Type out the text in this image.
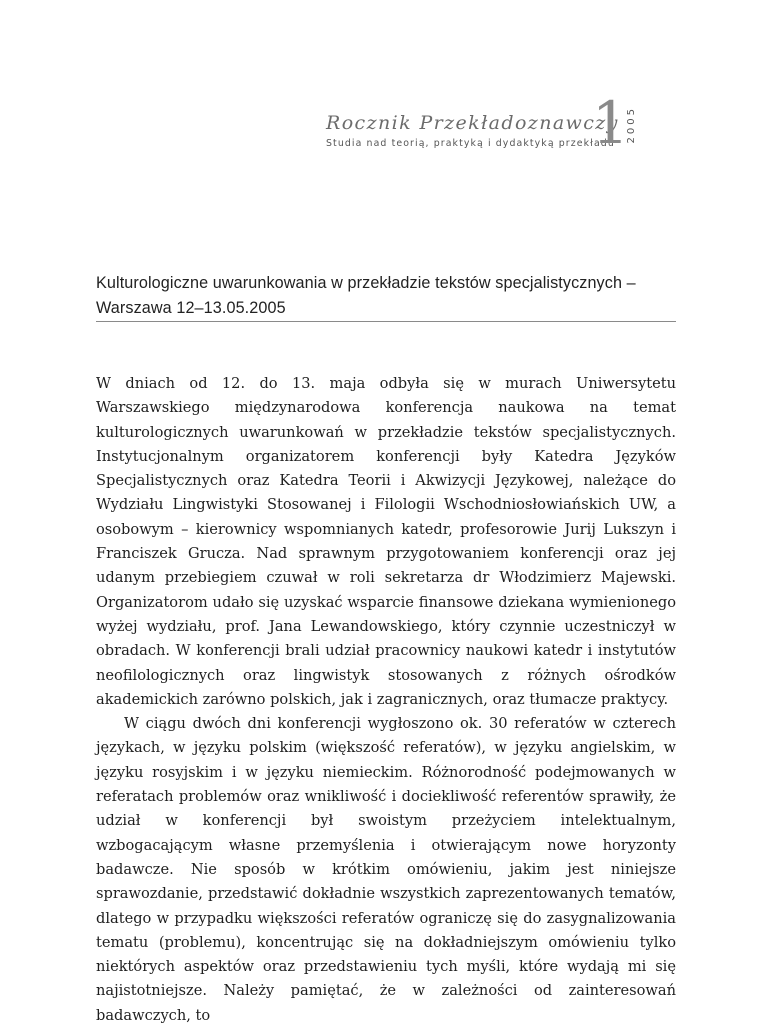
Rocznik Przekładoznawczy
Studia nad teorią, praktyką i dydaktyką przekładu
1
2005
Kulturologiczne uwarunkowania w przekładzie tekstów specjalistycznych – Warszawa 12–13.05.2005

W dniach od 12. do 13. maja odbyła się w murach Uniwersytetu Warszawskiego międzynarodowa konferencja naukowa na temat kulturologicznych uwarunkowań w przekładzie tekstów specjalistycznych. Instytucjonalnym organizatorem konferencji były Katedra Języków Specjalistycznych oraz Katedra Teorii i Akwizycji Językowej, należące do Wydziału Lingwistyki Stosowanej i Filologii Wschodniosłowiańskich UW, a osobowym – kierownicy wspomnianych katedr, profesorowie Jurij Lukszyn i Franciszek Grucza. Nad sprawnym przygotowaniem konferencji oraz jej udanym przebiegiem czuwał w roli sekretarza dr Włodzimierz Majewski. Organizatorom udało się uzyskać wsparcie finansowe dziekana wymienionego wyżej wydziału, prof. Jana Lewandowskiego, który czynnie uczestniczył w obradach. W konferencji brali udział pracownicy naukowi katedr i instytutów neofilologicznych oraz lingwistyk stosowanych z różnych ośrodków akademickich zarówno polskich, jak i zagranicznych, oraz tłumacze praktycy.

W ciągu dwóch dni konferencji wygłoszono ok. 30 referatów w czterech językach, w języku polskim (większość referatów), w języku angielskim, w języku rosyjskim i w języku niemieckim. Różnorodność podejmowanych w referatach problemów oraz wnikliwość i dociekliwość referentów sprawiły, że udział w konferencji był swoistym przeżyciem intelektualnym, wzbogacającym własne przemyślenia i otwierającym nowe horyzonty badawcze. Nie sposób w krótkim omówieniu, jakim jest niniejsze sprawozdanie, przedstawić dokładnie wszystkich zaprezentowanych tematów, dlatego w przypadku większości referatów ograniczę się do zasygnalizowania tematu (problemu), koncentrując się na dokładniejszym omówieniu tylko niektórych aspektów oraz przedstawieniu tych myśli, które wydają mi się najistotniejsze. Należy pamiętać, że w zależności od zainteresowań badawczych, to
